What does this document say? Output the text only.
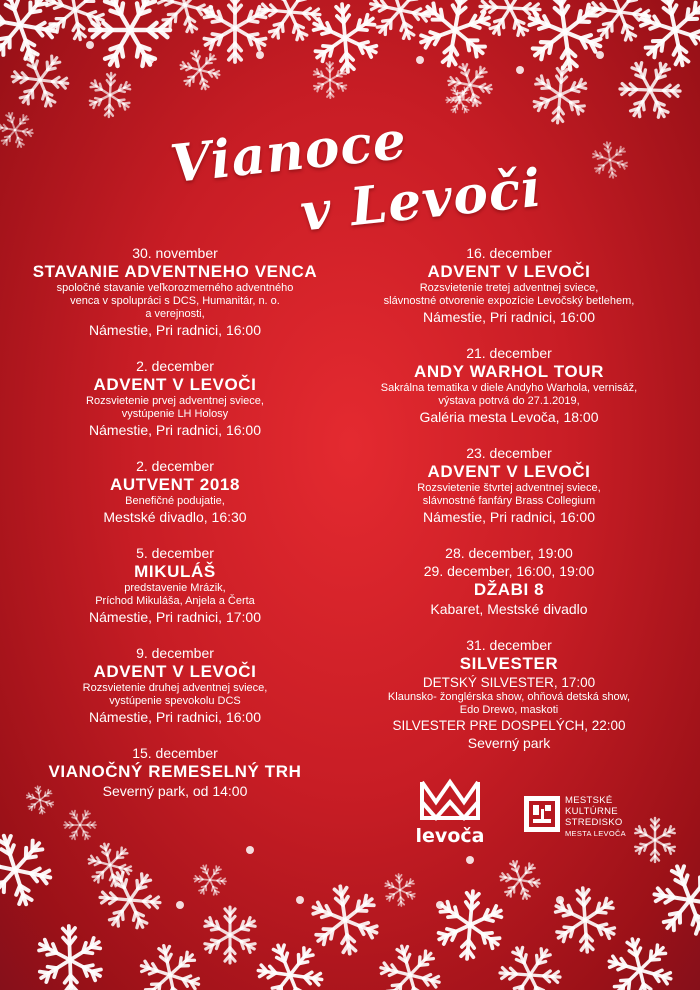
Vianoce
v Levoči
30. november
STAVANIE ADVENTNEHO VENCA
spoločné stavanie veľkorozmerného adventného
venca v spolupráci s DCS, Humanitár, n. o.
a verejnosti,
Námestie, Pri radnici, 16:00
2. december
ADVENT V LEVOČI
Rozsvietenie prvej adventnej sviece,
vystúpenie LH Holosy
Námestie, Pri radnici, 16:00
2. december
AUTVENT 2018
Benefičné podujatie,
Mestské divadlo, 16:30
5. december
MIKULÁŠ
predstavenie Mrázik,
Príchod Mikuláša, Anjela a Čerta
Námestie, Pri radnici, 17:00
9. december
ADVENT V LEVOČI
Rozsvietenie druhej adventnej sviece,
vystúpenie spevokolu DCS
Námestie, Pri radnici, 16:00
15. december
VIANOČNÝ REMESELNÝ TRH
Severný park, od 14:00
16. december
ADVENT V LEVOČI
Rozsvietenie tretej adventnej sviece,
slávnostné otvorenie expozície Levočský betlehem,
Námestie, Pri radnici, 16:00
21. december
ANDY WARHOL TOUR
Sakrálna tematika v diele Andyho Warhola, vernisáž,
výstava potrvá do 27.1.2019,
Galéria mesta Levoča, 18:00
23. december
ADVENT V LEVOČI
Rozsvietenie štvrtej adventnej sviece,
slávnostné fanfáry Brass Collegium
Námestie, Pri radnici, 16:00
28. december, 19:00
29. december, 16:00, 19:00
DŽABI 8
Kabaret, Mestské divadlo
31. december
SILVESTER
DETSKÝ SILVESTER, 17:00
Klaunsko- žonglérska show, ohňová detská show,
Edo Drewo, maskoti
SILVESTER PRE DOSPELÝCH, 22:00
Severný park
levoča
MESTSKÉ
KULTÚRNE
STREDISKO
MESTA LEVOČA
